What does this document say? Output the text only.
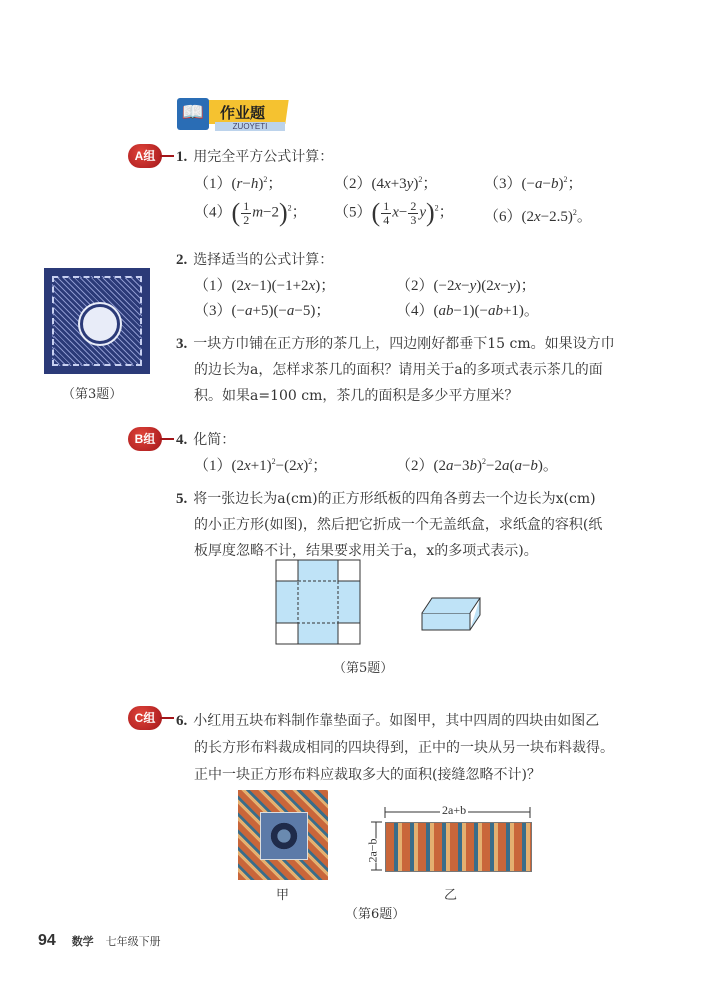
📖	作业题
ZUOYETI
A组	1. 用完全平方公式计算：
$(1)(r-h)^2$；	$(2)(4x+3y)^2$；	$(3)(-a-b)^2$；
$(4)( \frac{1}{2} m-2)^2$； $(5)( \frac{1}{4} x- \frac{2}{3} y)^2$； $(6)(2x-2.5)^2$。
2. 选择适当的公式计算：
（1）(2x−1)(−1+2x)；	（2）(−2x−y)(2x−y)；
（3）(−a+5)(−a−5)；	（4）(ab−1)(−ab+1)。
（第3题）
3. 一块方巾铺在正方形的茶几上，四边刚好都垂下15 cm。如果设方巾
的边长为a，怎样求茶几的面积？请用关于a的多项式表示茶几的面
积。如果a=100 cm，茶几的面积是多少平方厘米？
B组	4. 化简：
$(1)(2x+1)^2-(2x)^2$；	$(2)(2a-3b)^2-2a(a-b)$。
5. 将一张边长为a(cm)的正方形纸板的四角各剪去一个边长为x(cm)
的小正方形(如图)，然后把它折成一个无盖纸盒，求纸盒的容积(纸
板厚度忽略不计，结果要求用关于a，x的多项式表示)。
（第5题）
C组	6. 小红用五块布料制作靠垫面子。如图甲，其中四周的四块由如图乙
的长方形布料裁成相同的四块得到，正中的一块从另一块布料裁得。
正中一块正方形布料应裁取多大的面积(接缝忽略不计)？
2a+b
2a−b
甲	乙
（第6题）
94 数学 七年级下册
